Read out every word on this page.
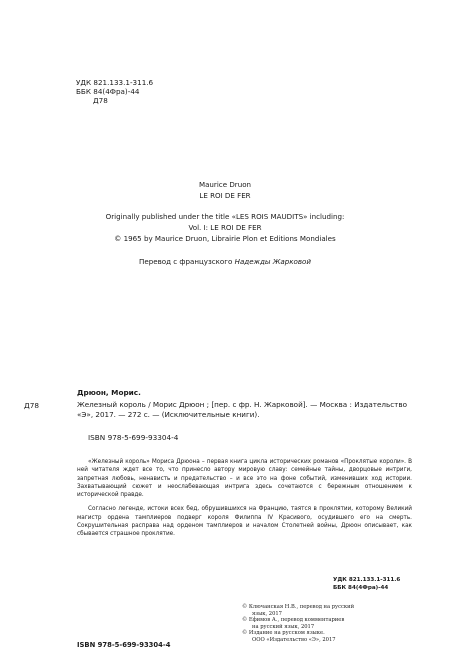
УДК 821.133.1-311.6
ББК 84(4Фра)-44
Д78
Maurice Druon
LE ROI DE FER
Originally published under the title «LES ROIS MAUDITS» including:
Vol. I: LE ROI DE FER
© 1965 by Maurice Druon, Librairie Plon et Editions Mondiales
Перевод с французского Надежды Жарковой
Дрюон, Морис.
Д78	Железный король / Морис Дрюон ; [пер. с фр. Н. Жарковой]. — Москва : Издательство «Э», 2017. — 272 с. — (Исключительные книги).
ISBN 978-5-699-93304-4

«Железный король» Мориса Дрюона – первая книга цикла исторических романов «Проклятые короли». В ней читателя ждет все то, что принесло автору мировую славу: семейные тайны, дворцовые интриги, запретная любовь, ненависть и предательство – и все это на фоне событий, изменивших ход истории. Захватывающий сюжет и неослабевающая интрига здесь сочетаются с бережным отношением к исторической правде.

Согласно легенде, истоки всех бед, обрушившихся на Францию, таятся в проклятии, которому Великий магистр ордена тамплиеров подверг короля Филиппа IV Красивого, осудившего его на смерть. Сокрушительная расправа над орденом тамплиеров и началом Столетней войны, Дрюон описывает, как сбывается страшное проклятие.

УДК 821.133.1-311.6
ББК 84(4Фра)-44
© Ключанская Н.В., перевод на русский
язык, 2017
© Ефимов А., перевод комментариев
на русский язык, 2017
© Издание на русском языке.
ООО «Издательство «Э», 2017
ISBN 978-5-699-93304-4
